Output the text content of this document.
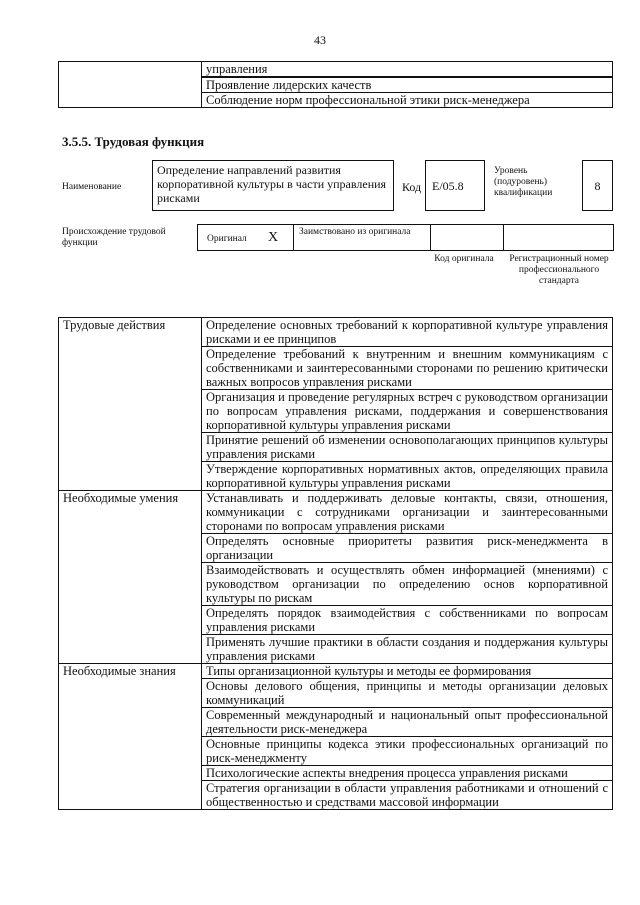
43
	управления
Проявление лидерских качеств
Соблюдение норм профессиональной этики риск-менеджера
3.5.5. Трудовая функция
Наименование
Определение направлений развития корпоративной культуры в части управления рисками
Код E/05.8
Уровень (подуровень) квалификации	8
Происхождение трудовой функции	Оригинал X Заимствовано из оригинала
Код оригинала	Регистрационный номер профессионального стандарта
Трудовые действия	Определение основных требований к корпоративной культуре управления рисками и ее принципов
	Определение требований к внутренним и внешним коммуникациям с собственниками и заинтересованными сторонами по решению критически важных вопросов управления рисками
	Организация и проведение регулярных встреч с руководством организации по вопросам управления рисками, поддержания и совершенствования корпоративной культуры управления рисками
	Принятие решений об изменении основополагающих принципов культуры управления рисками
	Утверждение корпоративных нормативных актов, определяющих правила корпоративной культуры управления рисками
Необходимые умения	Устанавливать и поддерживать деловые контакты, связи, отношения, коммуникации с сотрудниками организации и заинтересованными сторонами по вопросам управления рисками
	Определять основные приоритеты развития риск-менеджмента в организации
	Взаимодействовать и осуществлять обмен информацией (мнениями) с руководством организации по определению основ корпоративной культуры по рискам
	Определять порядок взаимодействия с собственниками по вопросам управления рисками
	Применять лучшие практики в области создания и поддержания культуры управления рисками
Необходимые знания	Типы организационной культуры и методы ее формирования
	Основы делового общения, принципы и методы организации деловых коммуникаций
	Современный международный и национальный опыт профессиональной деятельности риск-менеджера
	Основные принципы кодекса этики профессиональных организаций по риск-менеджменту
	Психологические аспекты внедрения процесса управления рисками
	Стратегия организации в области управления работниками и отношений с общественностью и средствами массовой информации
